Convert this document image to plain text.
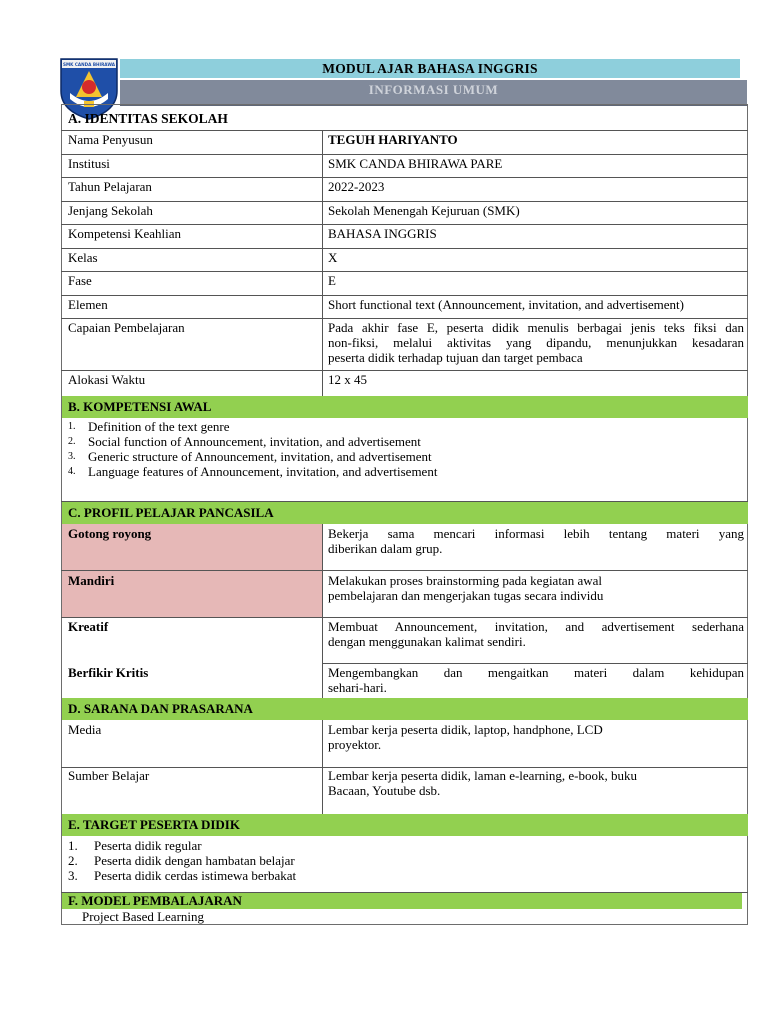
SMK CANDA BHIRAWA	MODUL AJAR BAHASA INGGRIS
INFORMASI UMUM
A. IDENTITAS SEKOLAH
Nama Penyusun	TEGUH HARIYANTO
Institusi	SMK CANDA BHIRAWA PARE
Tahun Pelajaran	2022-2023
Jenjang Sekolah	Sekolah Menengah Kejuruan (SMK)
Kompetensi Keahlian	BAHASA INGGRIS
Kelas	X
Fase	E
Elemen	Short functional text (Announcement, invitation, and advertisement)
Capaian Pembelajaran	Pada akhir fase E, peserta didik menulis berbagai jenis teks fiksi dan
non-fiksi, melalui aktivitas yang dipandu, menunjukkan kesadaran
peserta didik terhadap tujuan dan target pembaca
Alokasi Waktu	12 x 45
B. KOMPETENSI AWAL
1. Definition of the text genre
2. Social function of Announcement, invitation, and advertisement
3. Generic structure of Announcement, invitation, and advertisement
4. Language features of Announcement, invitation, and advertisement
C. PROFIL PELAJAR PANCASILA
Gotong royong	Bekerja sama mencari informasi lebih tentang materi yang
diberikan dalam grup.
Mandiri	Melakukan proses brainstorming pada kegiatan awal
pembelajaran dan mengerjakan tugas secara individu
Kreatif	Membuat Announcement, invitation, and advertisement sederhana
dengan menggunakan kalimat sendiri.
Berfikir Kritis	Mengembangkan dan mengaitkan materi dalam kehidupan
sehari-hari.
D. SARANA DAN PRASARANA
Media	Lembar kerja peserta didik, laptop, handphone, LCD
proyektor.
Sumber Belajar	Lembar kerja peserta didik, laman e-learning, e-book, buku
Bacaan, Youtube dsb.
E. TARGET PESERTA DIDIK
1. Peserta didik regular
2. Peserta didik dengan hambatan belajar
3. Peserta didik cerdas istimewa berbakat
F. MODEL PEMBALAJARAN
Project Based Learning
